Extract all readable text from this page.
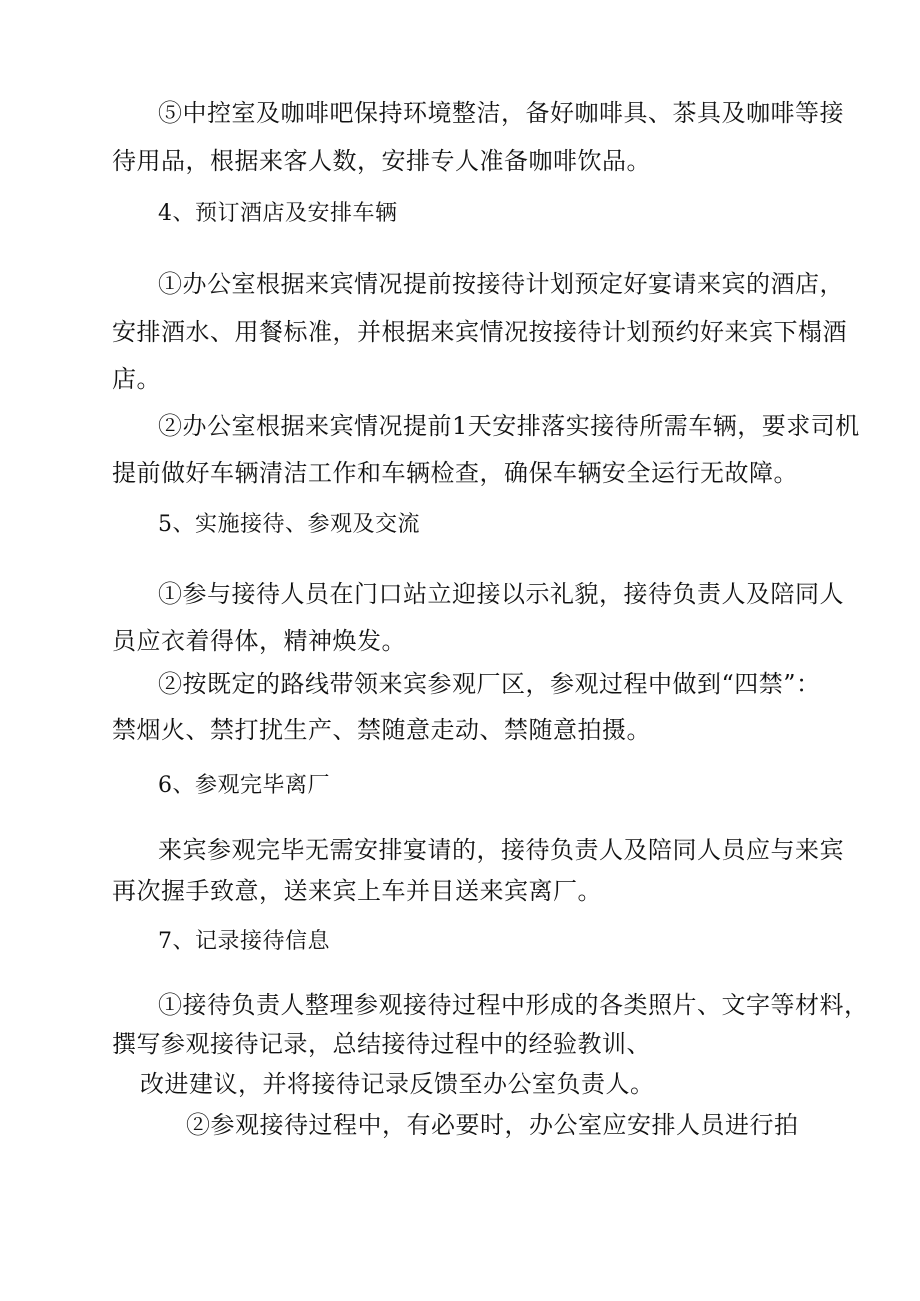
⑤中控室及咖啡吧保持环境整洁，备好咖啡具、茶具及咖啡等接
待用品，根据来客人数，安排专人准备咖啡饮品。
4、预订酒店及安排车辆
①办公室根据来宾情况提前按接待计划预定好宴请来宾的酒店，
安排酒水、用餐标准，并根据来宾情况按接待计划预约好来宾下榻酒
店。
②办公室根据来宾情况提前1天安排落实接待所需车辆，要求司机
提前做好车辆清洁工作和车辆检查，确保车辆安全运行无故障。
5、实施接待、参观及交流
①参与接待人员在门口站立迎接以示礼貌，接待负责人及陪同人
员应衣着得体，精神焕发。
②按既定的路线带领来宾参观厂区，参观过程中做到“四禁”：
禁烟火、禁打扰生产、禁随意走动、禁随意拍摄。
6、参观完毕离厂
来宾参观完毕无需安排宴请的，接待负责人及陪同人员应与来宾
再次握手致意，送来宾上车并目送来宾离厂。
7、记录接待信息
①接待负责人整理参观接待过程中形成的各类照片、文字等材料，
撰写参观接待记录，总结接待过程中的经验教训、
改进建议，并将接待记录反馈至办公室负责人。
②参观接待过程中，有必要时，办公室应安排人员进行拍
